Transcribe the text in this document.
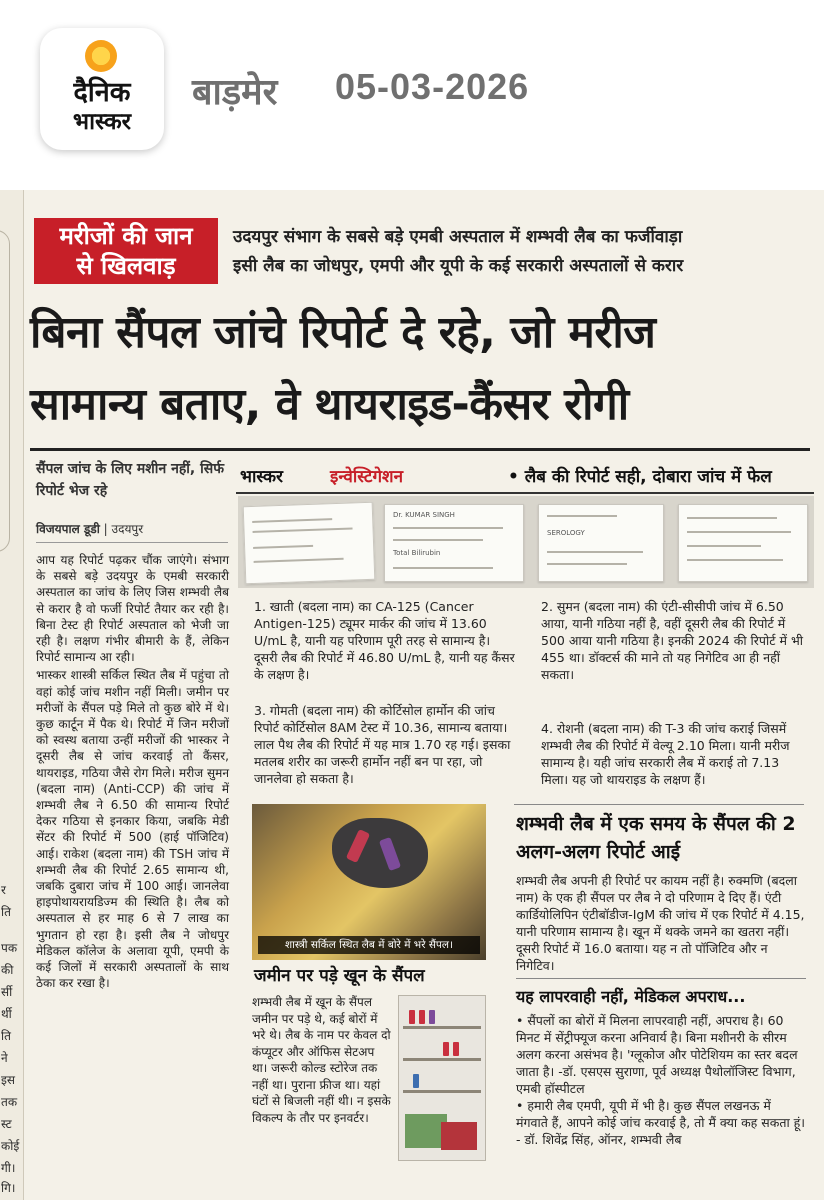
दैनिक
भास्कर
बाड़मेर 05-03-2026
र
ति
पक
की
र्सी
र्थी
ति
ने
इस
तक
स्ट
कोई
गी।
गि।
मरीजों की जान
से खिलवाड़
उदयपुर संभाग के सबसे बड़े एमबी अस्पताल में शम्भवी लैब का फर्जीवाड़ा
इसी लैब का जोधपुर, एमपी और यूपी के कई सरकारी अस्पतालों से करार
बिना सैंपल जांचे रिपोर्ट दे रहे, जो मरीज
सामान्य बताए, वे थायराइड-कैंसर रोगी
सैंपल जांच के लिए मशीन नहीं, सिर्फ रिपोर्ट भेज रहे
विजयपाल डूडी | उदयपुर

आप यह रिपोर्ट पढ़कर चौंक जाएंगे। संभाग के सबसे बड़े उदयपुर के एमबी सरकारी अस्पताल का जांच के लिए जिस शम्भवी लैब से करार है वो फर्जी रिपोर्ट तैयार कर रही है। बिना टेस्ट ही रिपोर्ट अस्पताल को भेजी जा रही है। लक्षण गंभीर बीमारी के हैं, लेकिन रिपोर्ट सामान्य आ रही।

भास्कर शास्त्री सर्किल स्थित लैब में पहुंचा तो वहां कोई जांच मशीन नहीं मिली। जमीन पर मरीजों के सैंपल पड़े मिले तो कुछ बोरे में थे। कुछ कार्टून में पैक थे। रिपोर्ट में जिन मरीजों को स्वस्थ बताया उन्हीं मरीजों की भास्कर ने दूसरी लैब से जांच करवाई तो कैंसर, थायराइड, गठिया जैसे रोग मिले। मरीज सुमन (बदला नाम) (Anti-CCP) की जांच में शम्भवी लैब ने 6.50 की सामान्य रिपोर्ट देकर गठिया से इनकार किया, जबकि मेडी सेंटर की रिपोर्ट में 500 (हाई पॉजिटिव) आई। राकेश (बदला नाम) की TSH जांच में शम्भवी लैब की रिपोर्ट 2.65 सामान्य थी, जबकि दुबारा जांच में 100 आई। जानलेवा हाइपोथायरायडिज्म की स्थिति है। लैब को अस्पताल से हर माह 6 से 7 लाख का भुगतान हो रहा है। इसी लैब ने जोधपुर मेडिकल कॉलेज के अलावा यूपी, एमपी के कई जिलों में सरकारी अस्पतालों के साथ ठेका कर रखा है।

भास्कर	इन्वेस्टिगेशन	• लैब की रिपोर्ट सही, दोबारा जांच में फेल
Dr. KUMAR SINGH
Total Bilirubin
SEROLOGY
1. खाती (बदला नाम) का CA-125 (Cancer Antigen-125) ट्यूमर मार्कर की जांच में 13.60 U/mL है, यानी यह परिणाम पूरी तरह से सामान्य है। दूसरी लैब की रिपोर्ट में 46.80 U/mL है, यानी यह कैंसर के लक्षण है।
3. गोमती (बदला नाम) की कोर्टिसोल हार्मोन की जांच रिपोर्ट कोर्टिसोल 8AM टेस्ट में 10.36, सामान्य बताया। लाल पैथ लैब की रिपोर्ट में यह मात्र 1.70 रह गई। इसका मतलब शरीर का जरूरी हार्मोन नहीं बन पा रहा, जो जानलेवा हो सकता है।
2. सुमन (बदला नाम) की एंटी-सीसीपी जांच में 6.50 आया, यानी गठिया नहीं है, वहीं दूसरी लैब की रिपोर्ट में 500 आया यानी गठिया है। इनकी 2024 की रिपोर्ट में भी 455 था। डॉक्टर्स की माने तो यह निगेटिव आ ही नहीं सकता।
4. रोशनी (बदला नाम) की T-3 की जांच कराई जिसमें शम्भवी लैब की रिपोर्ट में वेल्यू 2.10 मिला। यानी मरीज सामान्य है। यही जांच सरकारी लैब में कराई तो 7.13 मिला। यह जो थायराइड के लक्षण हैं।
शास्त्री सर्किल स्थित लैब में बोरे में भरे सैंपल।
शम्भवी लैब में एक समय के सैंपल की 2 अलग-अलग रिपोर्ट आई
शम्भवी लैब अपनी ही रिपोर्ट पर कायम नहीं है। रुक्मणि (बदला नाम) के एक ही सैंपल पर लैब ने दो परिणाम दे दिए हैं। एंटी कार्डियोलिपिन एंटीबॉडीज-IgM की जांच में एक रिपोर्ट में 4.15, यानी परिणाम सामान्य है। खून में थक्के जमने का खतरा नहीं। दूसरी रिपोर्ट में 16.0 बताया। यह न तो पॉजिटिव और न निगेटिव।
यह लापरवाही नहीं, मेडिकल अपराध...
• सैंपलों का बोरों में मिलना लापरवाही नहीं, अपराध है। 60 मिनट में सेंट्रीफ्यूज करना अनिवार्य है। बिना मशीनरी के सीरम अलग करना असंभव है। 'ग्लूकोज और पोटेशियम का स्तर बदल जाता है। -डॉ. एसएस सुराणा, पूर्व अध्यक्ष पैथोलॉजिस्ट विभाग, एमबी हॉस्पीटल
• हमारी लैब एमपी, यूपी में भी है। कुछ सैंपल लखनऊ में मंगवाते हैं, आपने कोई जांच करवाई है, तो मैं क्या कह सकता हूं। - डॉ. शिवेंद्र सिंह, ऑनर, शम्भवी लैब
जमीन पर पड़े खून के सैंपल
शम्भवी लैब में खून के सैंपल जमीन पर पड़े थे, कई बोरों में भरे थे। लैब के नाम पर केवल दो कंप्यूटर और ऑफिस सेटअप था। जरूरी कोल्ड स्टोरेज तक नहीं था। पुराना फ्रीज था। यहां घंटों से बिजली नहीं थी। न इसके विकल्प के तौर पर इनवर्टर।
